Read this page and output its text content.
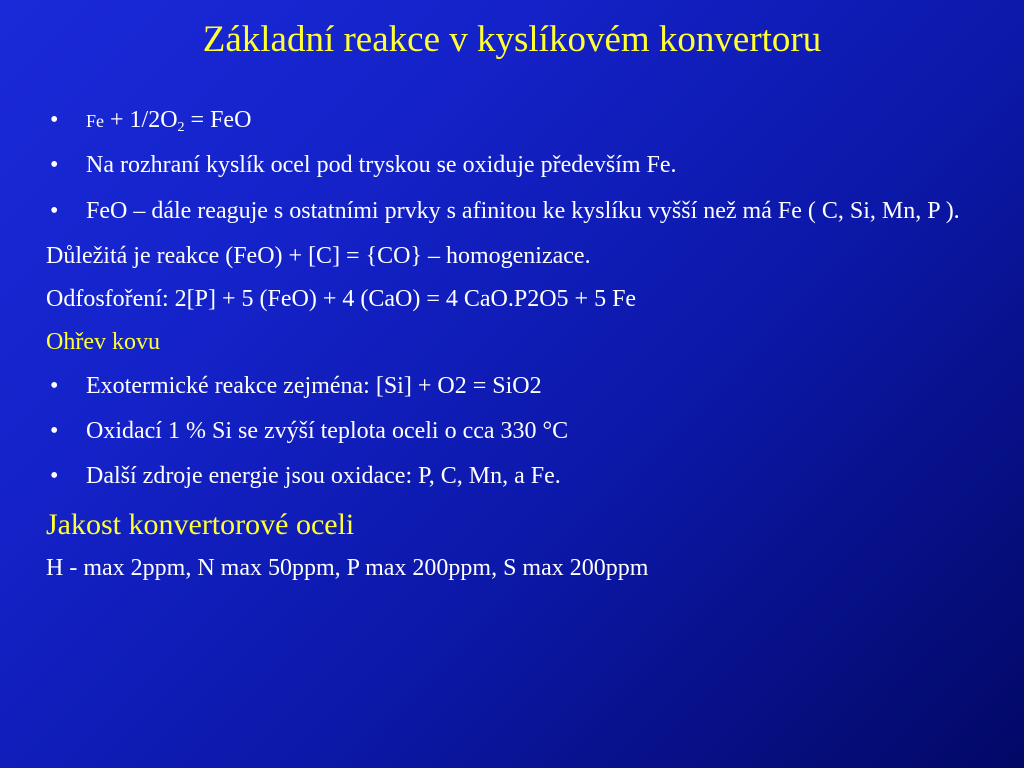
Základní reakce v kyslíkovém konvertoru
• $Fe + 1/2O_2$ = FeO
• Na rozhraní kyslík ocel pod tryskou se oxiduje především Fe.
• FeO – dále reaguje s ostatními prvky s afinitou ke kyslíku vyšší než má Fe ( C, Si, Mn, P ).
Důležitá je reakce (FeO) + [C] = {CO} – homogenizace.
Odfosfoření: 2[P] + 5 (FeO) + 4 (CaO) = 4 CaO.P2O5 + 5 Fe
Ohřev kovu
• Exotermické reakce zejména: [Si] + O2 = SiO2
• Oxidací 1 % Si se zvýší teplota oceli o cca 330 °C
• Další zdroje energie jsou oxidace: P, C, Mn, a Fe.
Jakost konvertorové oceli
H - max 2ppm, N max 50ppm, P max 200ppm, S max 200ppm
